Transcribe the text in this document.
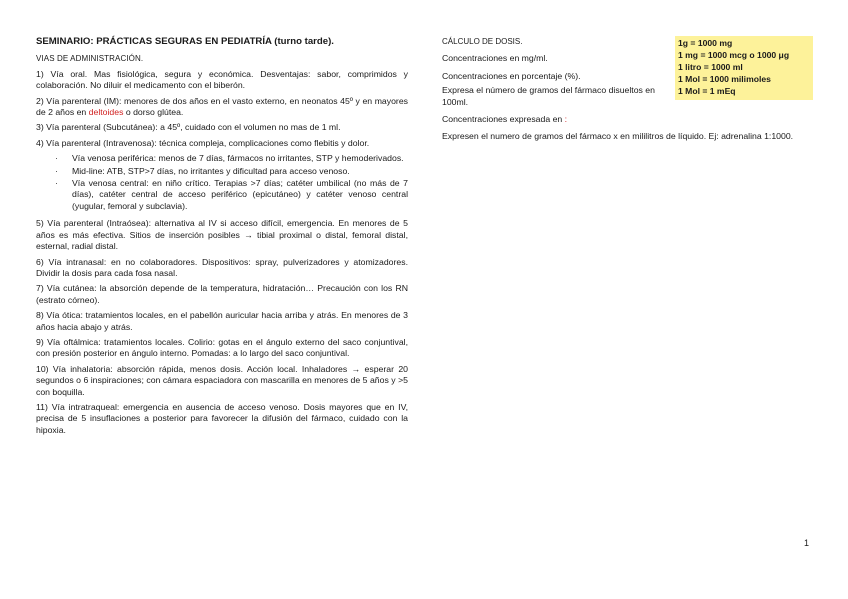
SEMINARIO: PRÁCTICAS SEGURAS EN PEDIATRÍA (turno tarde).
VIAS DE ADMINISTRACIÓN.

1) Vía oral. Mas fisiológica, segura y económica. Desventajas: sabor, comprimidos y colaboración. No diluir el medicamento con el biberón.

2) Vía parenteral (IM): menores de dos años en el vasto externo, en neonatos 45º y en mayores de 2 años en deltoides o dorso glútea.

3) Vía parenteral (Subcutánea): a 45º, cuidado con el volumen no mas de 1 ml.

4) Vía parenteral (Intravenosa): técnica compleja, complicaciones como flebitis y dolor.

· Vía venosa periférica: menos de 7 días, fármacos no irritantes, STP y hemoderivados.
· Mid-line: ATB, STP>7 días, no irritantes y dificultad para acceso venoso.
· Vía venosa central: en niño crítico. Terapias >7 días; catéter umbilical (no más de 7 días), catéter central de acceso periférico (epicutáneo) y catéter venoso central (yugular, femoral y subclavia).

5) Vía parenteral (Intraósea): alternativa al IV si acceso difícil, emergencia. En menores de 5 años es más efectiva. Sitios de inserción posibles → tibial proximal o distal, femoral distal, esternal, radial distal.

6) Vía intranasal: en no colaboradores. Dispositivos: spray, pulverizadores y atomizadores. Dividir la dosis para cada fosa nasal.

7) Vía cutánea: la absorción depende de la temperatura, hidratación… Precaución con los RN (estrato córneo).

8) Vía ótica: tratamientos locales, en el pabellón auricular hacia arriba y atrás. En menores de 3 años hacia abajo y atrás.

9) Vía oftálmica: tratamientos locales. Colirio: gotas en el ángulo externo del saco conjuntival, con presión posterior en ángulo interno. Pomadas: a lo largo del saco conjuntival.

10) Vía inhalatoria: absorción rápida, menos dosis. Acción local. Inhaladores → esperar 20 segundos o 6 inspiraciones; con cámara espaciadora con mascarilla en menores de 5 años y >5 con boquilla.

11) Vía intratraqueal: emergencia en ausencia de acceso venoso. Dosis mayores que en IV, precisa de 5 insuflaciones a posterior para favorecer la difusión del fármaco, cuidado con la hipoxia.

CÁLCULO DE DOSIS.

Concentraciones en mg/ml.

Concentraciones en porcentaje (%).

Expresa el número de gramos del fármaco disueltos en 100ml.

Concentraciones expresada en :

Expresen el numero de gramos del fármaco x en mililitros de líquido. Ej: adrenalina 1:1000.

1g = 1000 mg
1 mg = 1000 mcg o 1000 μg
1 litro = 1000 ml
1 Mol = 1000 milimoles
1 Mol = 1 mEq
1
